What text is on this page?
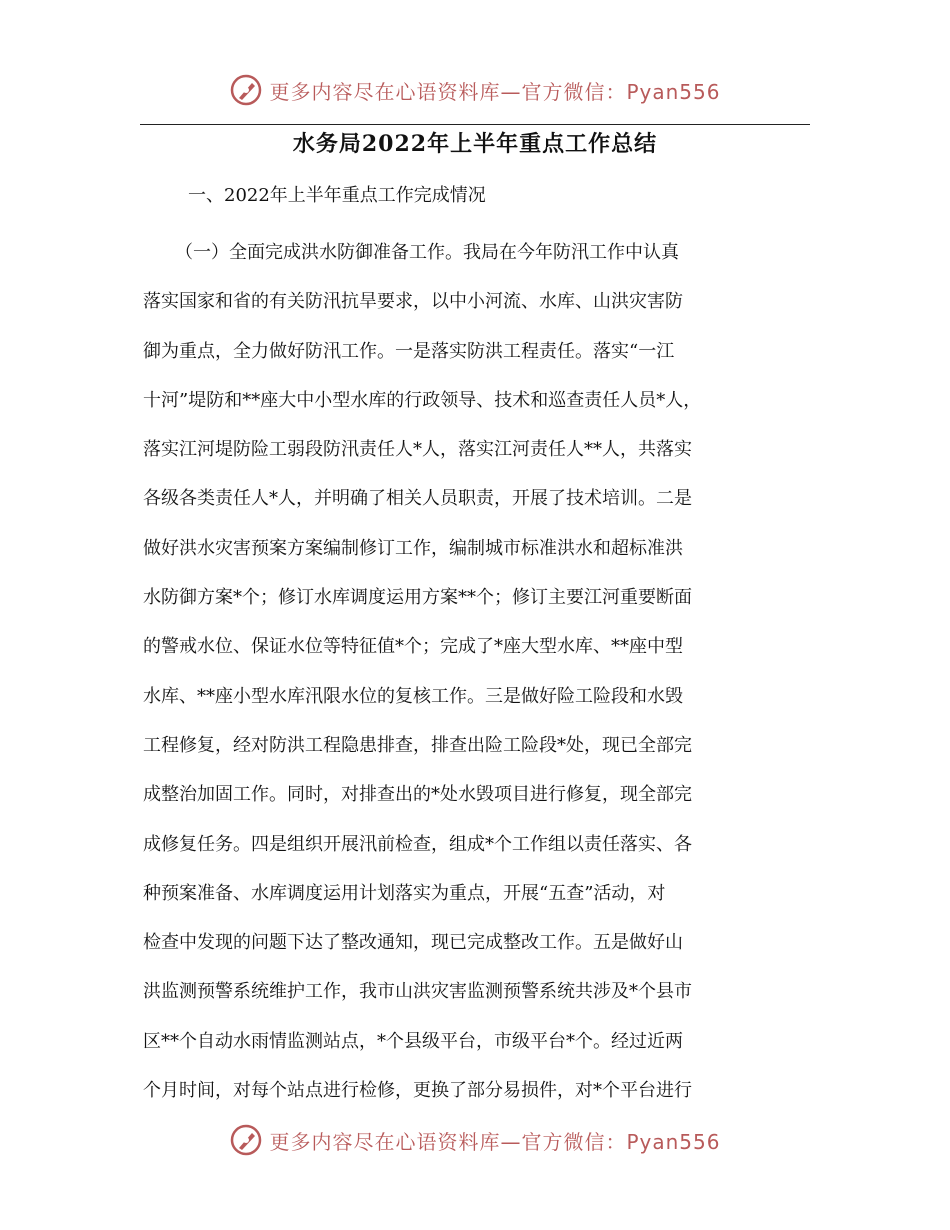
更多内容尽在心语资料库—官方微信：Pyan556
水务局2022年上半年重点工作总结
一、2022年上半年重点工作完成情况
（一）全面完成洪水防御准备工作。我局在今年防汛工作中认真
落实国家和省的有关防汛抗旱要求，以中小河流、水库、山洪灾害防
御为重点，全力做好防汛工作。一是落实防洪工程责任。落实“一江
十河”堤防和**座大中小型水库的行政领导、技术和巡查责任人员*人，
落实江河堤防险工弱段防汛责任人*人，落实江河责任人**人，共落实
各级各类责任人*人，并明确了相关人员职责，开展了技术培训。二是
做好洪水灾害预案方案编制修订工作，编制城市标准洪水和超标准洪
水防御方案*个；修订水库调度运用方案**个；修订主要江河重要断面
的警戒水位、保证水位等特征值*个；完成了*座大型水库、**座中型
水库、**座小型水库汛限水位的复核工作。三是做好险工险段和水毁
工程修复，经对防洪工程隐患排查，排查出险工险段*处，现已全部完
成整治加固工作。同时，对排查出的*处水毁项目进行修复，现全部完
成修复任务。四是组织开展汛前检查，组成*个工作组以责任落实、各
种预案准备、水库调度运用计划落实为重点，开展“五查”活动，对
检查中发现的问题下达了整改通知，现已完成整改工作。五是做好山
洪监测预警系统维护工作，我市山洪灾害监测预警系统共涉及*个县市
区**个自动水雨情监测站点，*个县级平台，市级平台*个。经过近两
个月时间，对每个站点进行检修，更换了部分易损件，对*个平台进行
更多内容尽在心语资料库—官方微信：Pyan556
